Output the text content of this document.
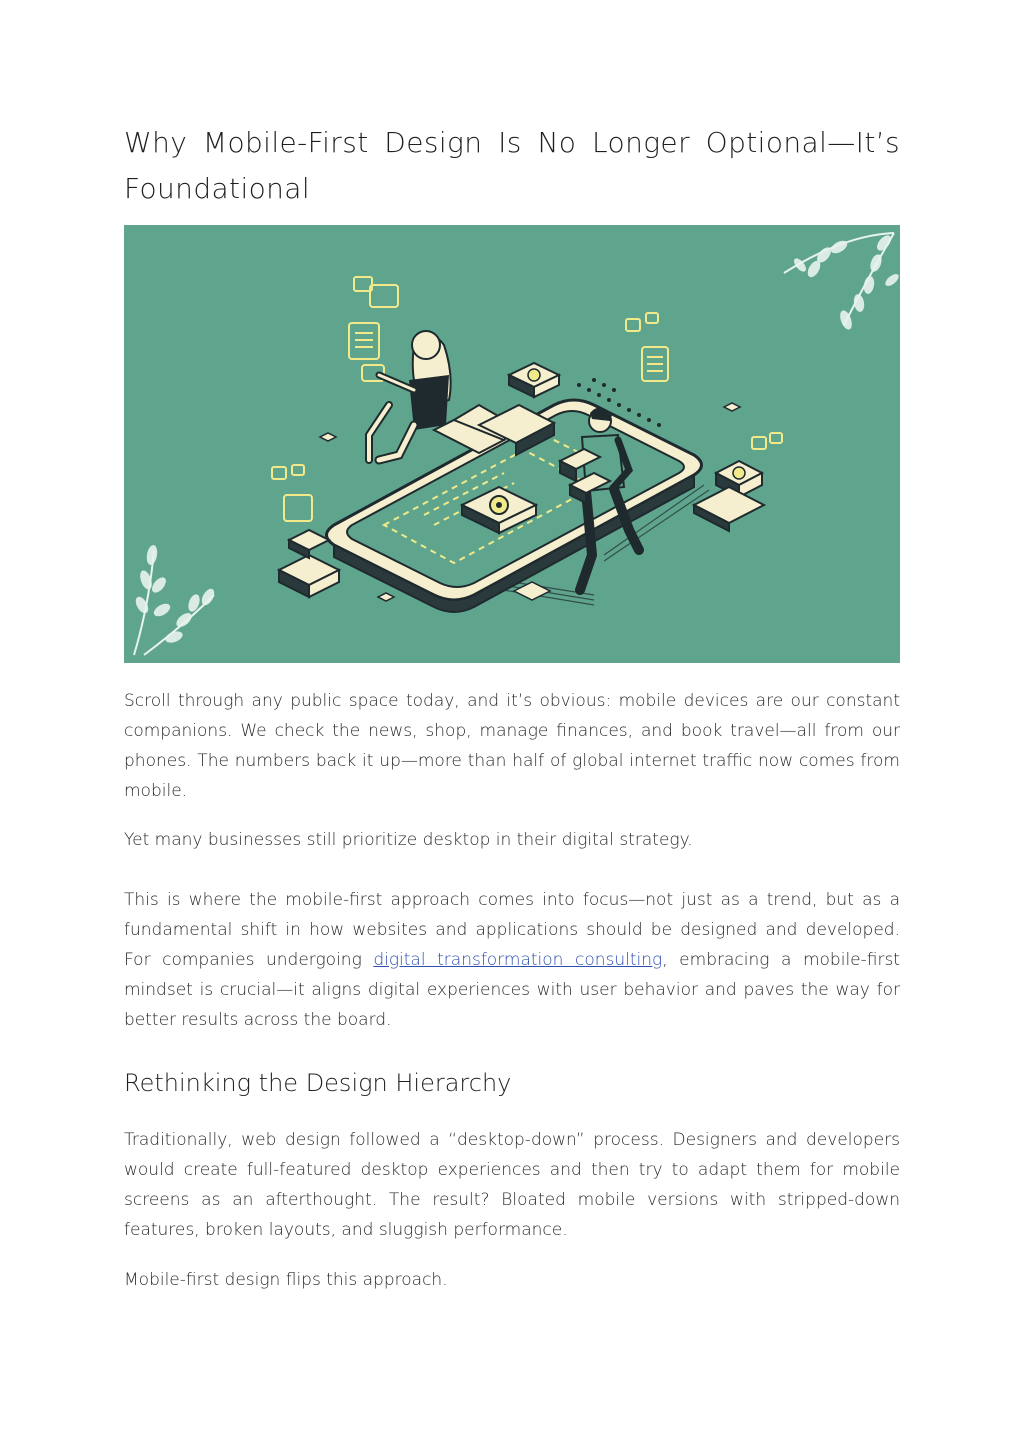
Why Mobile-First Design Is No Longer Optional—It’s Foundational

Scroll through any public space today, and it’s obvious: mobile devices are our constant companions. We check the news, shop, manage finances, and book travel—all from our phones. The numbers back it up—more than half of global internet traffic now comes from mobile.

Yet many businesses still prioritize desktop in their digital strategy.

This is where the mobile-first approach comes into focus—not just as a trend, but as a fundamental shift in how websites and applications should be designed and developed. For companies undergoing digital transformation consulting, embracing a mobile-first mindset is crucial—it aligns digital experiences with user behavior and paves the way for better results across the board.

Rethinking the Design Hierarchy

Traditionally, web design followed a “desktop-down” process. Designers and developers would create full-featured desktop experiences and then try to adapt them for mobile screens as an afterthought. The result? Bloated mobile versions with stripped-down features, broken layouts, and sluggish performance.

Mobile-first design flips this approach.
